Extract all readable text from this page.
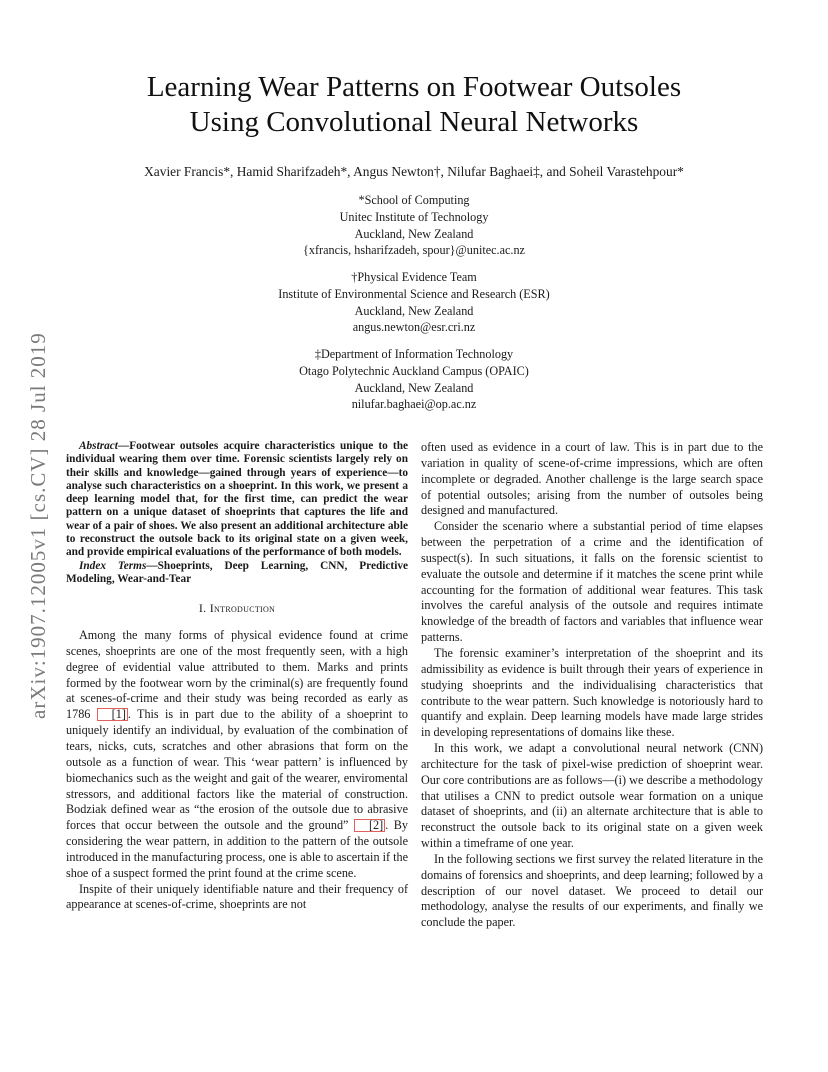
arXiv:1907.12005v1 [cs.CV] 28 Jul 2019
Learning Wear Patterns on Footwear Outsoles
Using Convolutional Neural Networks
Xavier Francis*, Hamid Sharifzadeh*, Angus Newton†, Nilufar Baghaei‡, and Soheil Varastehpour*
*School of Computing
Unitec Institute of Technology
Auckland, New Zealand
{xfrancis, hsharifzadeh, spour}@unitec.ac.nz
†Physical Evidence Team
Institute of Environmental Science and Research (ESR)
Auckland, New Zealand
angus.newton@esr.cri.nz
‡Department of Information Technology
Otago Polytechnic Auckland Campus (OPAIC)
Auckland, New Zealand
nilufar.baghaei@op.ac.nz

Abstract—Footwear outsoles acquire characteristics unique to the individual wearing them over time. Forensic scientists largely rely on their skills and knowledge—gained through years of experience—to analyse such characteristics on a shoeprint. In this work, we present a deep learning model that, for the first time, can predict the wear pattern on a unique dataset of shoeprints that captures the life and wear of a pair of shoes. We also present an additional architecture able to reconstruct the outsole back to its original state on a given week, and provide empirical evaluations of the performance of both models.

Index Terms—Shoeprints, Deep Learning, CNN, Predictive Modeling, Wear-and-Tear

I. Introduction

Among the many forms of physical evidence found at crime scenes, shoeprints are one of the most frequently seen, with a high degree of evidential value attributed to them. Marks and prints formed by the footwear worn by the criminal(s) are frequently found at scenes-of-crime and their study was being recorded as early as 1786 [1] . This is in part due to the ability of a shoeprint to uniquely identify an individual, by evaluation of the combination of tears, nicks, cuts, scratches and other abrasions that form on the outsole as a function of wear. This ‘wear pattern’ is influenced by biomechanics such as the weight and gait of the wearer, enviromental stressors, and additional factors like the material of construction. Bodziak defined wear as “the erosion of the outsole due to abrasive forces that occur between the outsole and the ground” [2] . By considering the wear pattern, in addition to the pattern of the outsole introduced in the manufacturing process, one is able to ascertain if the shoe of a suspect formed the print found at the crime scene.

Inspite of their uniquely identifiable nature and their frequency of appearance at scenes-of-crime, shoeprints are not

often used as evidence in a court of law. This is in part due to the variation in quality of scene-of-crime impressions, which are often incomplete or degraded. Another challenge is the large search space of potential outsoles; arising from the number of outsoles being designed and manufactured.

Consider the scenario where a substantial period of time elapses between the perpetration of a crime and the identification of suspect(s). In such situations, it falls on the forensic scientist to evaluate the outsole and determine if it matches the scene print while accounting for the formation of additional wear features. This task involves the careful analysis of the outsole and requires intimate knowledge of the breadth of factors and variables that influence wear patterns.

The forensic examiner’s interpretation of the shoeprint and its admissibility as evidence is built through their years of experience in studying shoeprints and the individualising characteristics that contribute to the wear pattern. Such knowledge is notoriously hard to quantify and explain. Deep learning models have made large strides in developing representations of domains like these.

In this work, we adapt a convolutional neural network (CNN) architecture for the task of pixel-wise prediction of shoeprint wear. Our core contributions are as follows—(i) we describe a methodology that utilises a CNN to predict outsole wear formation on a unique dataset of shoeprints, and (ii) an alternate architecture that is able to reconstruct the outsole back to its original state on a given week within a timeframe of one year.

In the following sections we first survey the related literature in the domains of forensics and shoeprints, and deep learning; followed by a description of our novel dataset. We proceed to detail our methodology, analyse the results of our experiments, and finally we conclude the paper.
